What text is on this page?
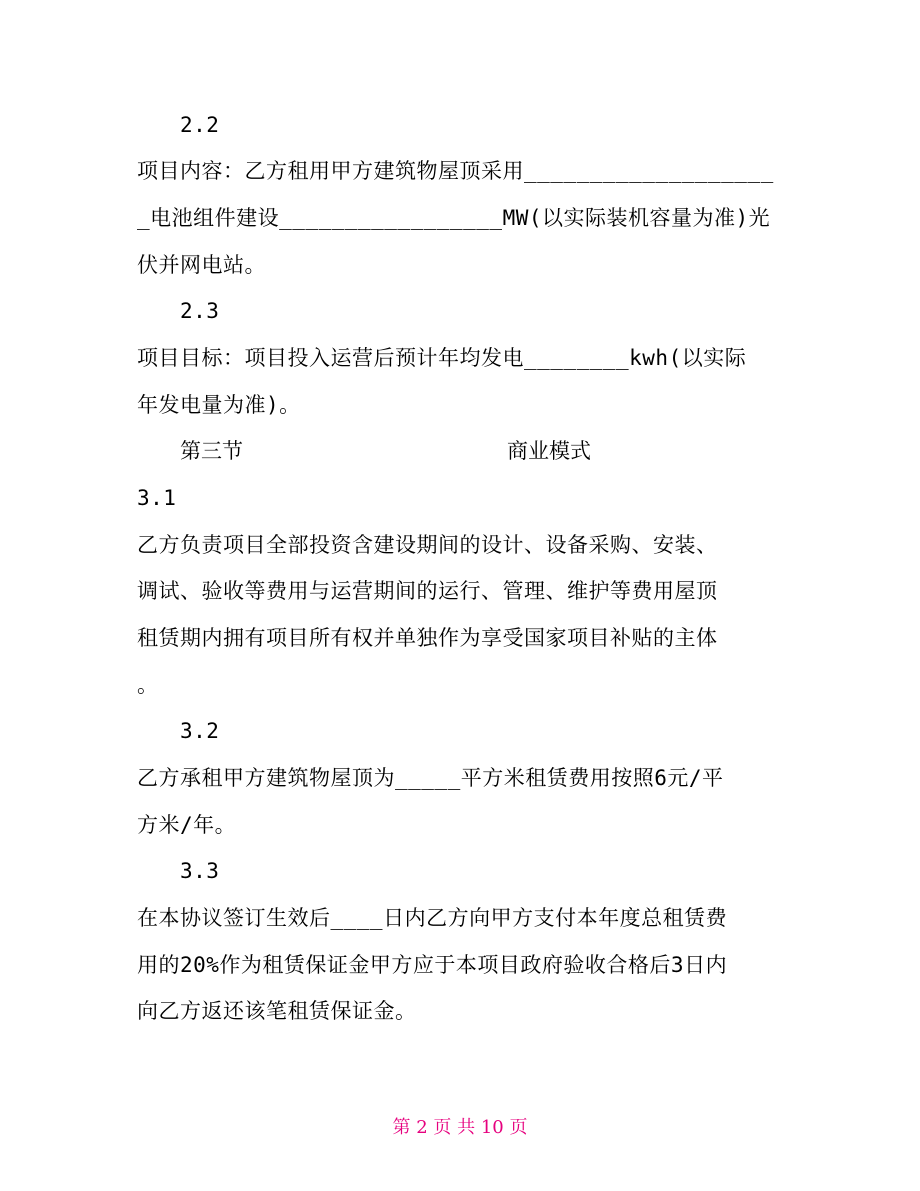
2.2
项目内容：乙方租用甲方建筑物屋顶采用___________________
_电池组件建设_________________MW(以实际装机容量为准)光
伏并网电站。
2.3
项目目标：项目投入运营后预计年均发电________kwh(以实际
年发电量为准)。
第三节	商业模式
3.1
乙方负责项目全部投资含建设期间的设计、设备采购、安装、
调试、验收等费用与运营期间的运行、管理、维护等费用屋顶
租赁期内拥有项目所有权并单独作为享受国家项目补贴的主体
。
3.2
乙方承租甲方建筑物屋顶为_____平方米租赁费用按照6元/平
方米/年。
3.3
在本协议签订生效后____日内乙方向甲方支付本年度总租赁费
用的20%作为租赁保证金甲方应于本项目政府验收合格后3日内
向乙方返还该笔租赁保证金。
第 2 页 共 10 页
